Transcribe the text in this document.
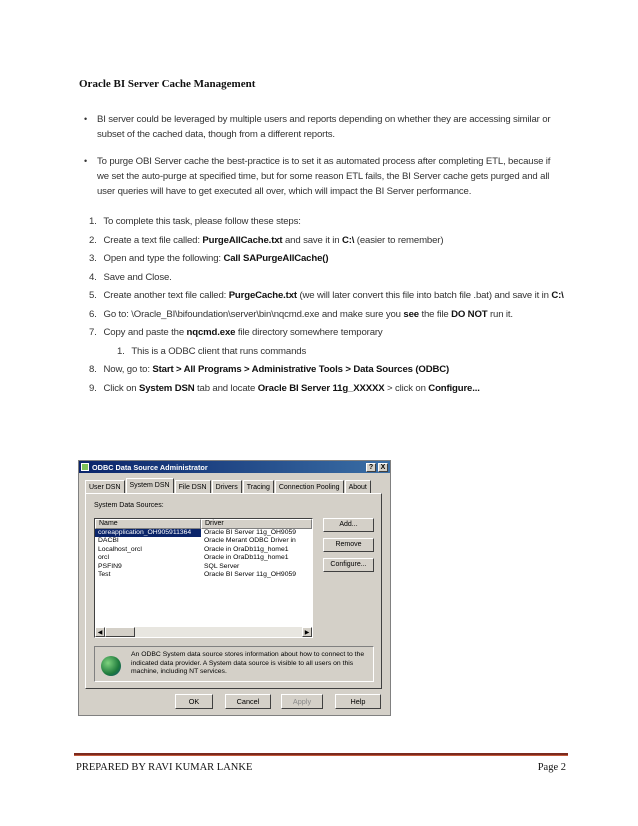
Oracle BI Server Cache Management
• BI server could be leveraged by multiple users and reports depending on whether they are accessing similar or subset of the cached data, though from a different reports.
• To purge OBI Server cache the best-practice is to set it as automated process after completing ETL, because if we set the auto-purge at specified time, but for some reason ETL fails, the BI Server cache gets purged and all user queries will have to get executed all over, which will impact the BI Server performance.
1. To complete this task, please follow these steps:
2. Create a text file called: PurgeAllCache.txt and save it in C:\ (easier to remember)
3. Open and type the following: Call SAPurgeAllCache()
4. Save and Close.
5. Create another text file called: PurgeCache.txt (we will later convert this file into batch file .bat) and save it in C:\
6. Go to: \Oracle_BI\bifoundation\server\bin\nqcmd.exe and make sure you see the file DO NOT run it.
7. Copy and paste the nqcmd.exe file directory somewhere temporary
1. This is a ODBC client that runs commands
8. Now, go to: Start > All Programs > Administrative Tools > Data Sources (ODBC)
9. Click on System DSN tab and locate Oracle BI Server 11g_XXXXX > click on Configure...
ODBC Data Source Administrator	?	X
User DSN	System DSN	File DSN	Drivers	Tracing	Connection Pooling	About
System Data Sources:
Name	Driver
coreapplication_OH905911364	Oracle BI Server 11g_OH9059
DACBI	Oracle Merant ODBC Driver in
Localhost_orcl	Oracle in OraDb11g_home1
orcl	Oracle in OraDb11g_home1
PSFIN9	SQL Server
Test	Oracle BI Server 11g_OH9059
◀	▶
Add...
Remove
Configure...
An ODBC System data source stores information about how to connect to the indicated data provider. A System data source is visible to all users on this machine, including NT services.
OK	Cancel	Apply	Help
PREPARED BY RAVI KUMAR LANKE	Page 2
